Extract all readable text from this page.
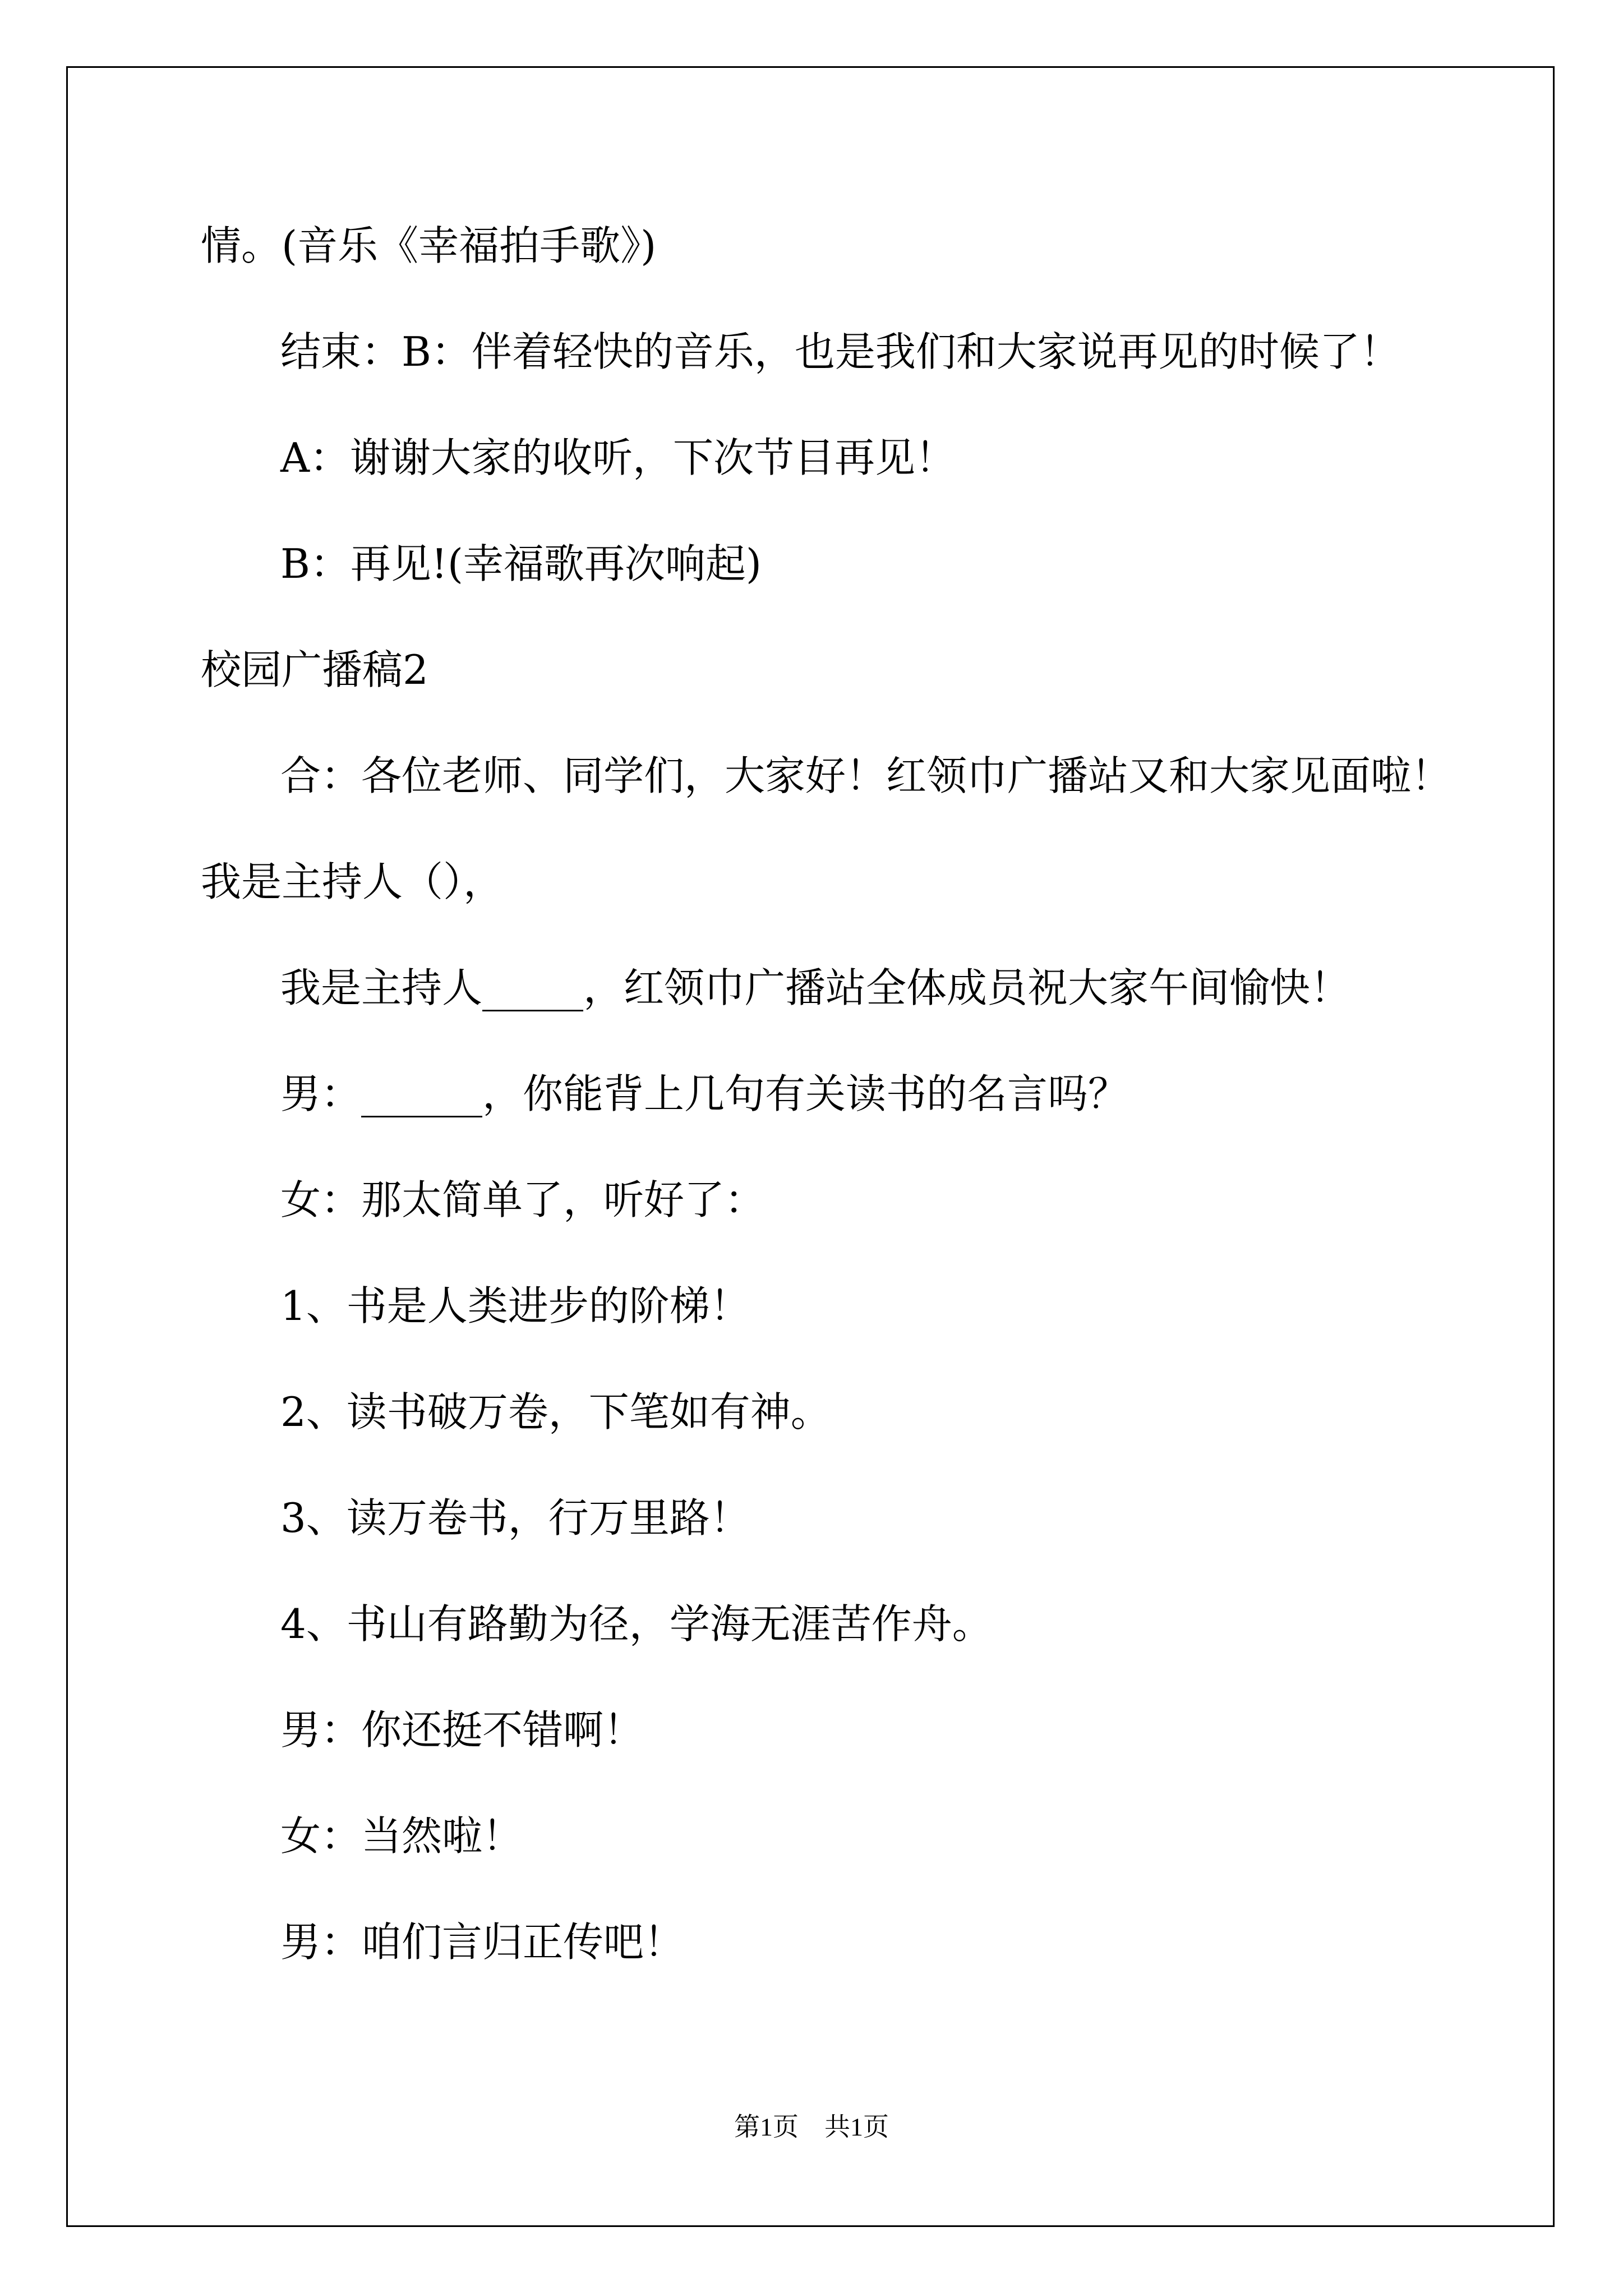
情。(音乐《幸福拍手歌》)
结束：B：伴着轻快的音乐，也是我们和大家说再见的时候了！
A：谢谢大家的收听，下次节目再见！
B：再见!(幸福歌再次响起)
校园广播稿2
合：各位老师、同学们，大家好！红领巾广播站又和大家见面啦！
我是主持人（），
我是主持人_____，红领巾广播站全体成员祝大家午间愉快！
男：______，你能背上几句有关读书的名言吗？
女：那太简单了，听好了：
1、书是人类进步的阶梯！
2、读书破万卷，下笔如有神。
3、读万卷书，行万里路！
4、书山有路勤为径，学海无涯苦作舟。
男：你还挺不错啊！
女：当然啦！
男：咱们言归正传吧！
第1页　共1页
